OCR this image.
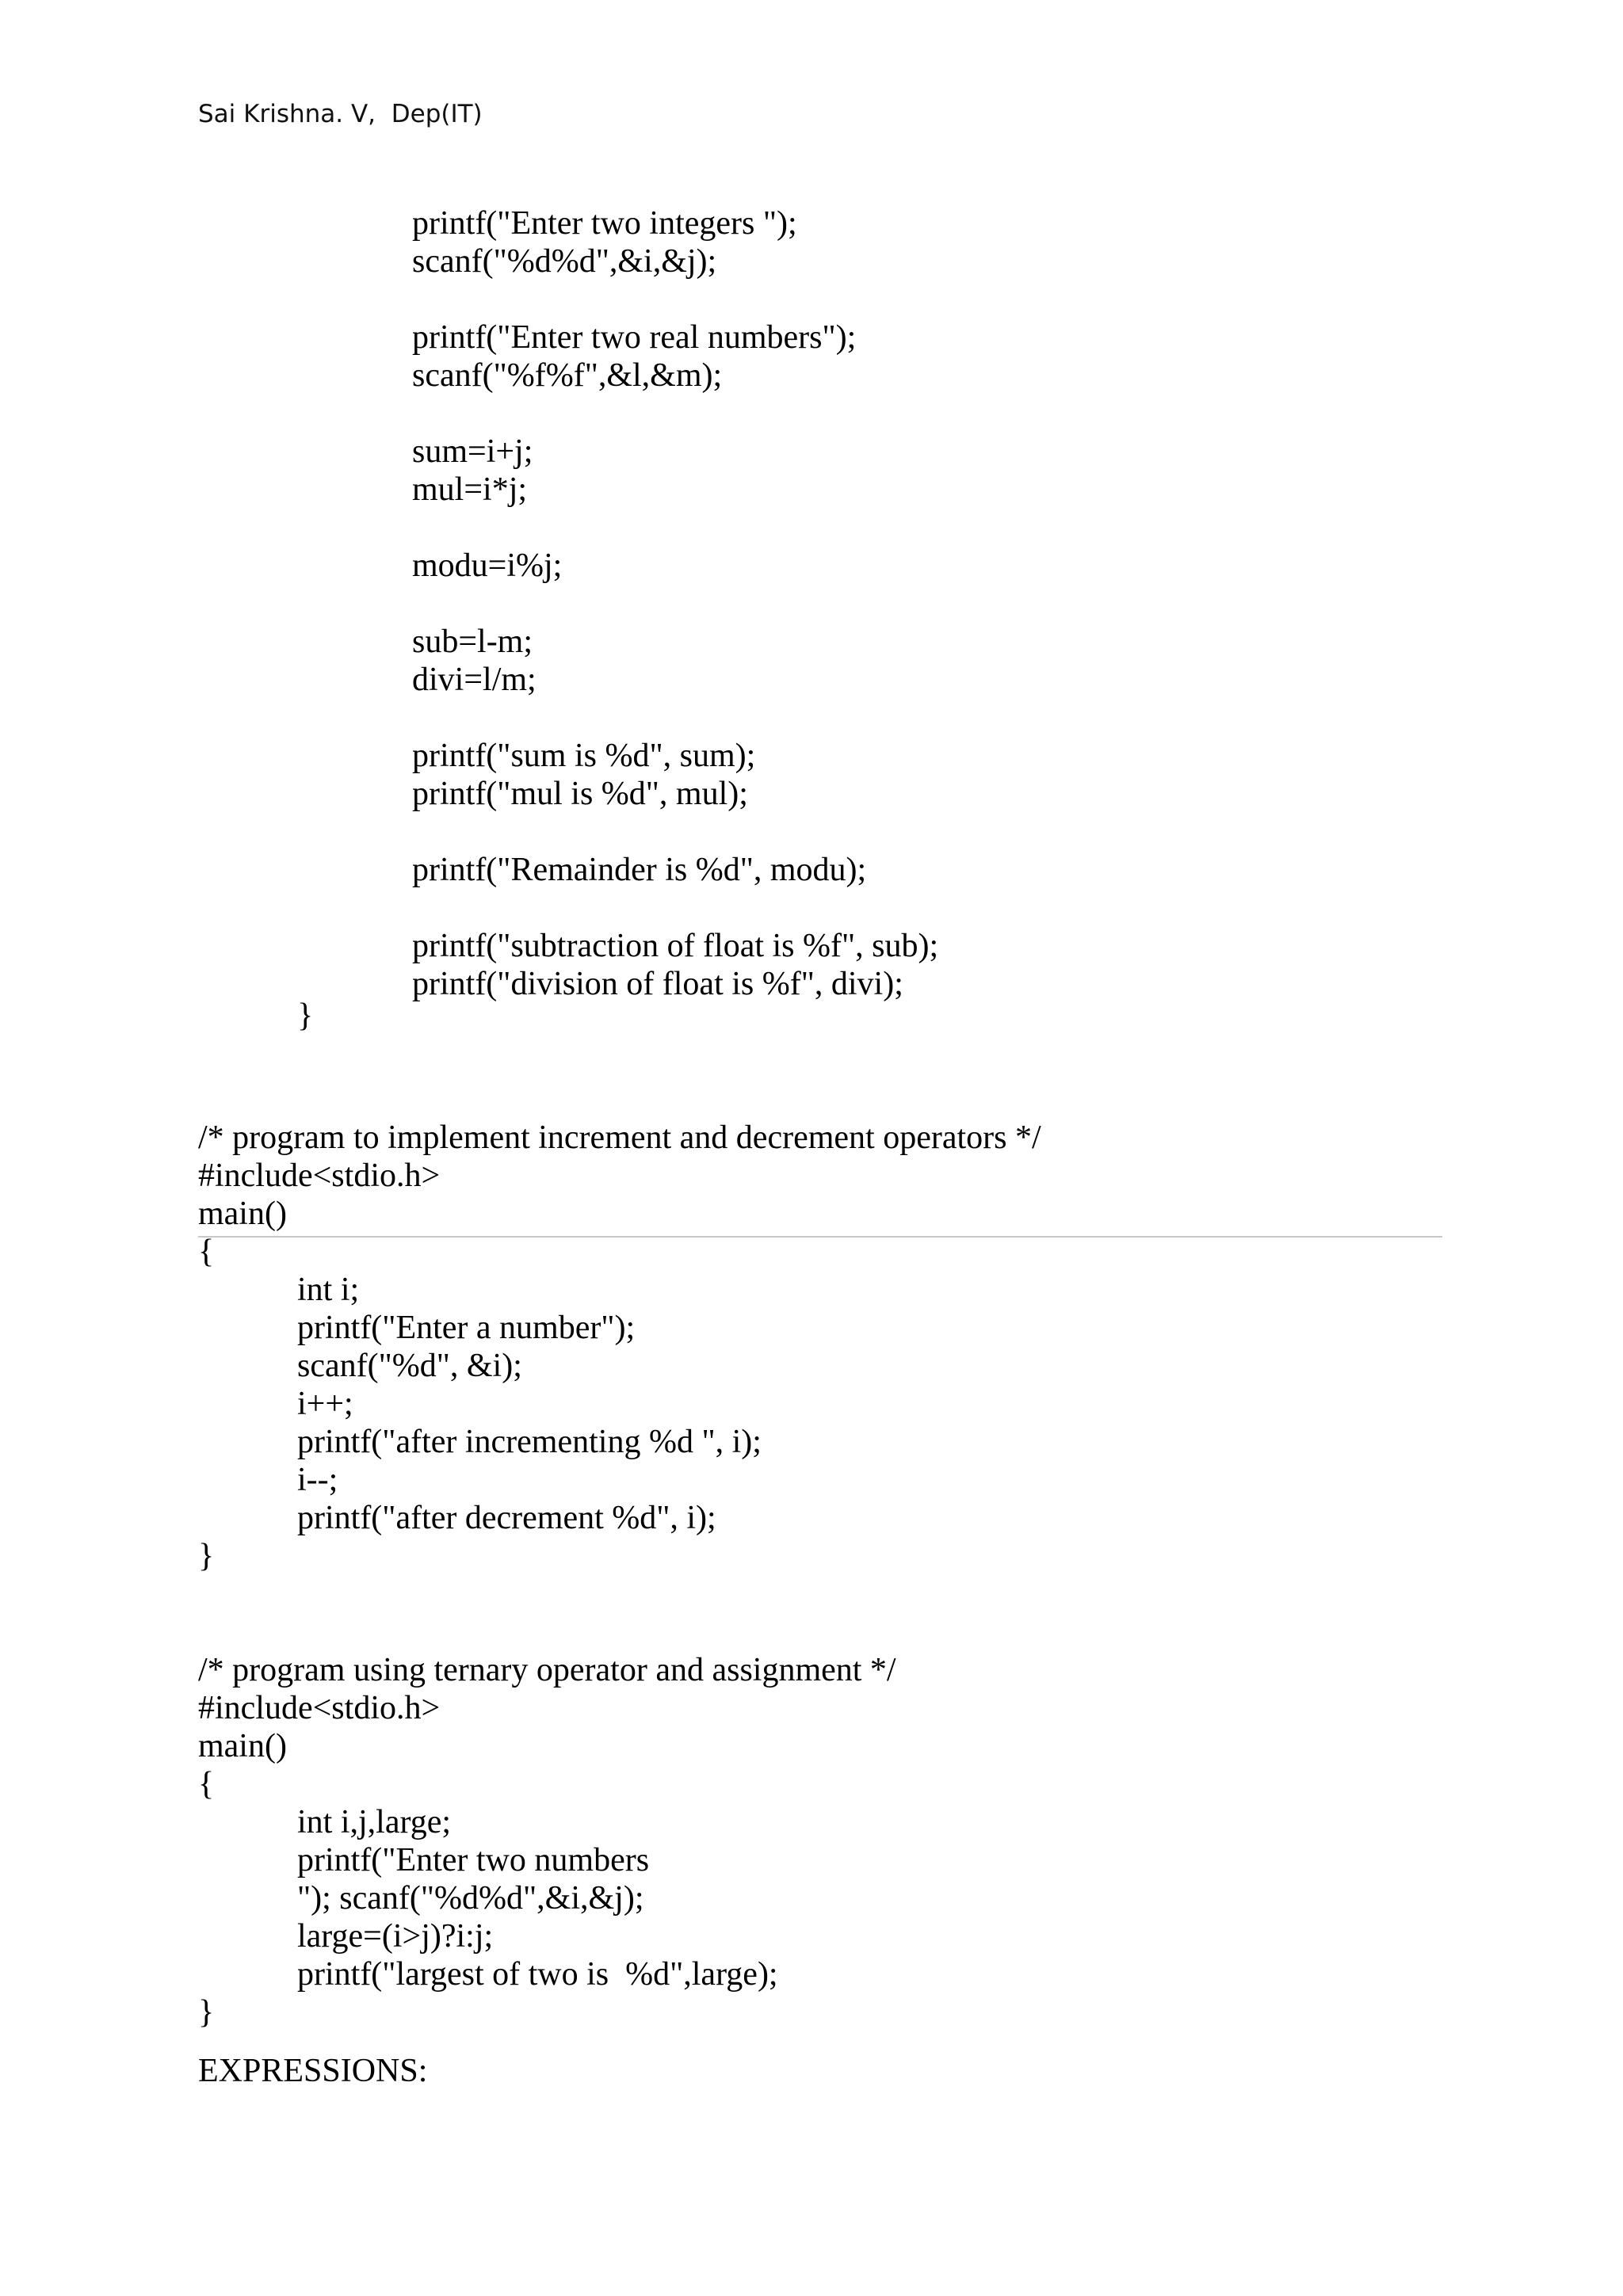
Sai Krishna. V,  Dep(IT)
printf("Enter two integers ");
scanf("%d%d",&i,&j);

printf("Enter two real numbers");
scanf("%f%f",&l,&m);

sum=i+j;
mul=i*j;

modu=i%j;

sub=l-m;
divi=l/m;

printf("sum is %d", sum);
printf("mul is %d", mul);

printf("Remainder is %d", modu);

printf("subtraction of float is %f", sub);
printf("division of float is %f", divi);
}
/* program to implement increment and decrement operators */
#include<stdio.h>
main()
{
int i;
printf("Enter a number");
scanf("%d", &i);
i++;
printf("after incrementing %d ", i);
i--;
printf("after decrement %d", i);
}
/* program using ternary operator and assignment */
#include<stdio.h>
main()
{
int i,j,large;
printf("Enter two numbers
"); scanf("%d%d",&i,&j);
large=(i>j)?i:j;
printf("largest of two is  %d",large);
}
EXPRESSIONS:
